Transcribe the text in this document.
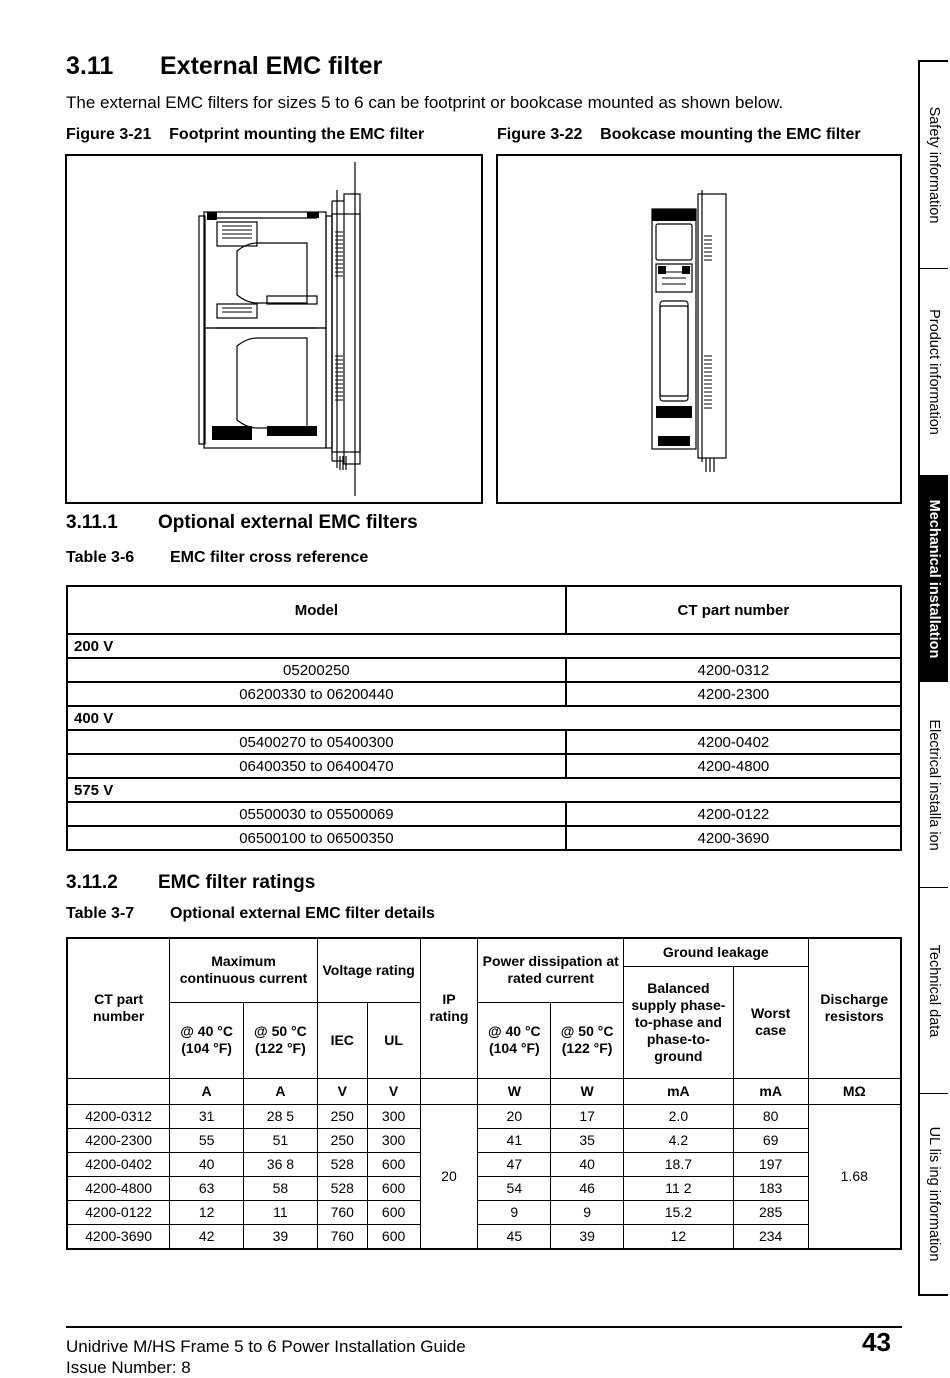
3.11 External EMC filter
The external EMC filters for sizes 5 to 6 can be footprint or bookcase mounted as shown below.
Figure 3-21 Footprint mounting the EMC filter	Figure 3-22 Bookcase mounting the EMC filter
3.11.1 Optional external EMC filters
Table 3-6 EMC filter cross reference
Model	CT part number
200 V	
05200250	4200-0312
06200330 to 06200440	4200-2300
400 V	
05400270 to 05400300	4200-0402
06400350 to 06400470	4200-4800
575 V	
05500030 to 05500069	4200-0122
06500100 to 06500350	4200-3690
3.11.2 EMC filter ratings
Table 3-7 Optional external EMC filter details
CT part number	Maximum continuous current		Voltage rating		IP rating	Power dissipation at rated current		Ground leakage		Discharge resistors
								Balanced supply phase-to-phase and phase-to-ground	Worst case	
	@ 40 °C (104 °F)	@ 50 °C (122 °F)	IEC	UL		@ 40 °C (104 °F)	@ 50 °C (122 °F)			
	A	A	V	V		W	W	mA	mA	MΩ
4200-0312	31	28 5	250	300	20	20	17	2.0	80	1.68
4200-2300	55	51	250	300		41	35	4.2	69	
4200-0402	40	36 8	528	600		47	40	18.7	197	
4200-4800	63	58	528	600		54	46	11 2	183	
4200-0122	12	11	760	600		9	9	15.2	285	
4200-3690	42	39	760	600		45	39	12	234	
Safety information
Product information
Mechanical installation
Electrical installa ion
Technical data
UL lis ing information
Unidrive M/HS Frame 5 to 6 Power Installation Guide
Issue Number: 8
43
